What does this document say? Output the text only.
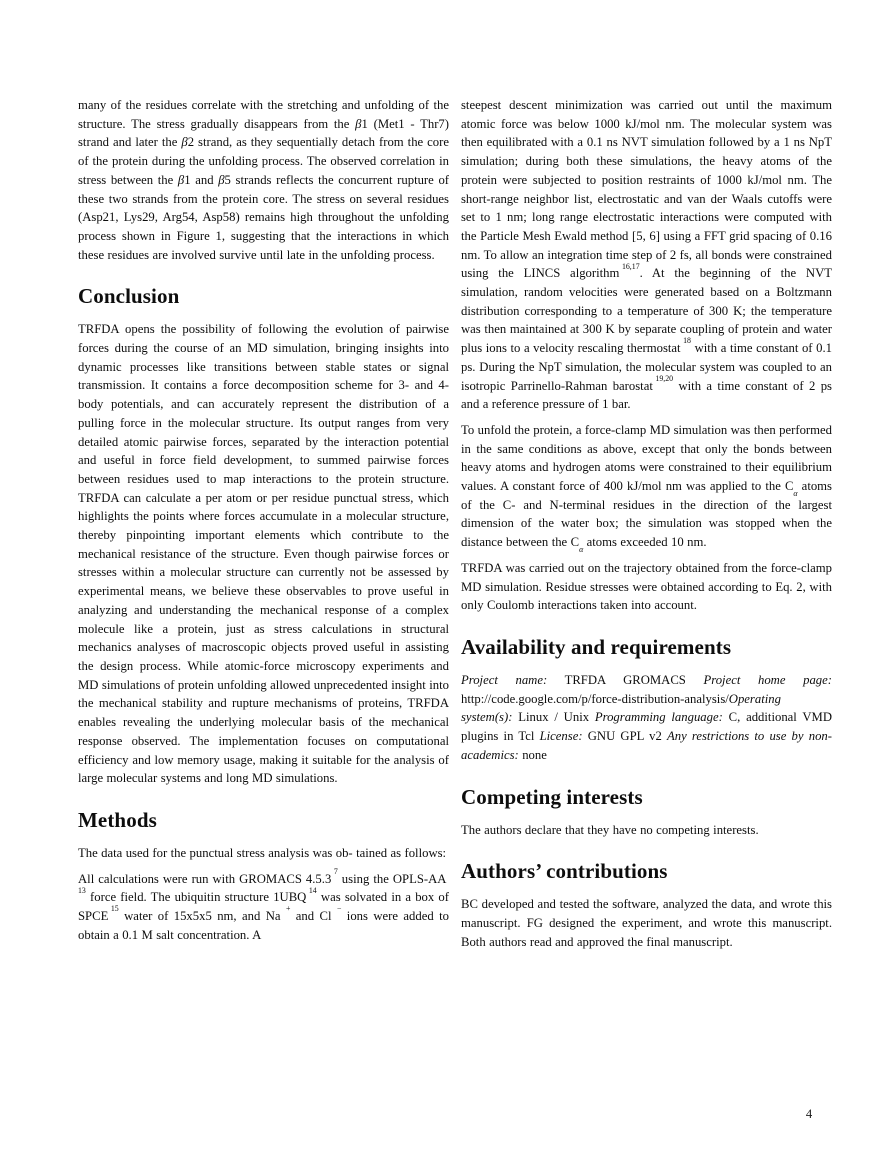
many of the residues correlate with the stretching and unfolding of the structure. The stress gradually disappears from the β1 (Met1 - Thr7) strand and later the β2 strand, as they sequentially detach from the core of the protein during the unfolding process. The observed correlation in stress between the β1 and β5 strands reflects the concurrent rupture of these two strands from the protein core. The stress on several residues (Asp21, Lys29, Arg54, Asp58) remains high throughout the unfolding process shown in Figure 1, suggesting that the interactions in which these residues are involved survive until late in the unfolding process.

Conclusion

TRFDA opens the possibility of following the evolution of pairwise forces during the course of an MD simulation, bringing insights into dynamic processes like transitions between stable states or signal transmission. It contains a force decomposition scheme for 3- and 4-body potentials, and can accurately represent the distribution of a pulling force in the molecular structure. Its output ranges from very detailed atomic pairwise forces, separated by the interaction potential and useful in force field development, to summed pairwise forces between residues used to map interactions to the protein structure. TRFDA can calculate a per atom or per residue punctual stress, which highlights the points where forces accumulate in a molecular structure, thereby pinpointing important elements which contribute to the mechanical resistance of the structure. Even though pairwise forces or stresses within a molecular structure can currently not be assessed by experimental means, we believe these observables to prove useful in analyzing and understanding the mechanical response of a complex molecule like a protein, just as stress calculations in structural mechanics analyses of macroscopic objects proved useful in assisting the design process. While atomic-force microscopy experiments and MD simulations of protein unfolding allowed unprecedented insight into the mechanical stability and rupture mechanisms of proteins, TRFDA enables revealing the underlying molecular basis of the mechanical response observed. The implementation focuses on computational efficiency and low memory usage, making it suitable for the analysis of large molecular systems and long MD simulations.

Methods

The data used for the punctual stress analysis was ob- tained as follows:

All calculations were run with GROMACS 4.5.3 $^7$ using the OPLS-AA $^{13}$ force field. The ubiquitin structure 1UBQ $^{14}$ was solvated in a box of SPCE $^{15}$ water of 15x5x5 nm, and Na + and Cl − ions were added to obtain a 0.1 M salt concentration. A

steepest descent minimization was carried out until the maximum atomic force was below 1000 kJ/mol nm. The molecular system was then equilibrated with a 0.1 ns NVT simulation followed by a 1 ns NpT simulation; during both these simulations, the heavy atoms of the protein were subjected to position restraints of 1000 kJ/mol nm. The short-range neighbor list, electrostatic and van der Waals cutoffs were set to 1 nm; long range electrostatic interactions were computed with the Particle Mesh Ewald method [5, 6] using a FFT grid spacing of 0.16 nm. To allow an integration time step of 2 fs, all bonds were constrained using the LINCS algorithm $^{16,17}$. At the beginning of the NVT simulation, random velocities were generated based on a Boltzmann distribution corresponding to a temperature of 300 K; the temperature was then maintained at 300 K by separate coupling of protein and water plus ions to a velocity rescaling thermostat $^{18}$ with a time constant of 0.1 ps. During the NpT simulation, the molecular system was coupled to an isotropic Parrinello-Rahman barostat $^{19,20}$ with a time constant of 2 ps and a reference pressure of 1 bar.

To unfold the protein, a force-clamp MD simulation was then performed in the same conditions as above, except that only the bonds between heavy atoms and hydrogen atoms were constrained to their equilibrium values. A constant force of 400 kJ/mol nm was applied to the $C_\alpha$ atoms of the C- and N-terminal residues in the direction of the largest dimension of the water box; the simulation was stopped when the distance between the $C_\alpha$ atoms exceeded 10 nm.

TRFDA was carried out on the trajectory obtained from the force-clamp MD simulation. Residue stresses were obtained according to Eq. 2, with only Coulomb interactions taken into account.

Availability and requirements

Project name: TRFDA GROMACS Project home page: http://code.google.com/p/force-distribution-analysis/Operating system(s): Linux / Unix Programming language: C, additional VMD plugins in Tcl License: GNU GPL v2 Any restrictions to use by non-academics: none

Competing interests

The authors declare that they have no competing interests.

Authors’ contributions

BC developed and tested the software, analyzed the data, and wrote this manuscript. FG designed the experiment, and wrote this manuscript. Both authors read and approved the final manuscript.

4
